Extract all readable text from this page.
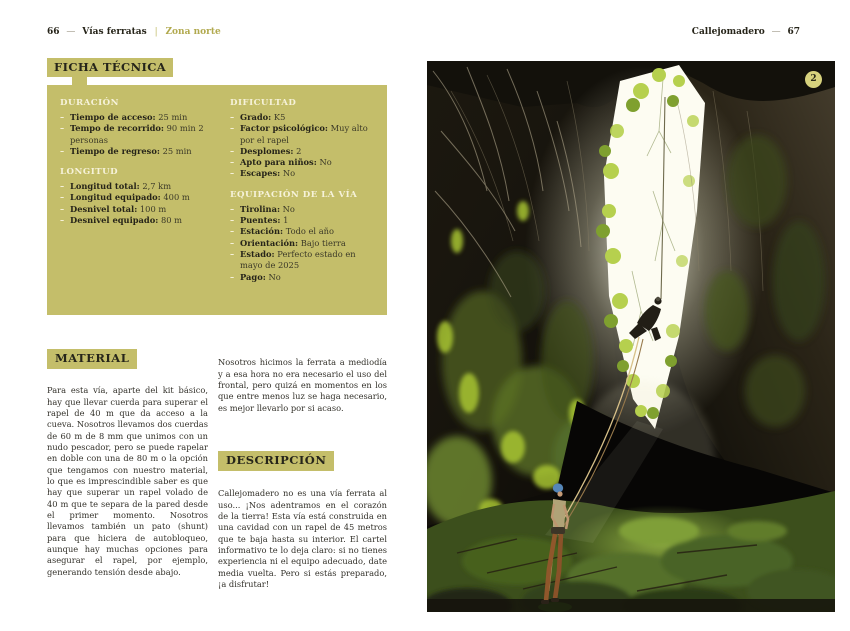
66 — Vías ferratas | Zona norte	Callejomadero — 67
FICHA TÉCNICA
DURACIÓN
– Tiempo de acceso: 25 min
– Tempo de recorrido: 90 min 2 personas
– Tiempo de regreso: 25 min
LONGITUD
– Longitud total: 2,7 km
– Longitud equipado: 400 m
– Desnivel total: 100 m
– Desnivel equipado: 80 m
DIFICULTAD
– Grado: K5
– Factor psicológico: Muy alto por el rapel
– Desplomes: 2
– Apto para niños: No
– Escapes: No
EQUIPACIÓN DE LA VÍA
– Tirolina: No
– Puentes: 1
– Estación: Todo el año
– Orientación: Bajo tierra
– Estado: Perfecto estado en mayo de 2025
– Pago: No
MATERIAL

Para esta vía, aparte del kit básico, hay que llevar cuerda para superar el rapel de 40 m que da acceso a la cueva. Nosotros llevamos dos cuerdas de 60 m de 8 mm que unimos con un nudo pescador, pero se puede rapelar en doble con una de 80 m o la opción que tengamos con nuestro material, lo que es imprescindible saber es que hay que superar un rapel volado de 40 m que te separa de la pared desde el primer momento. Nosotros llevamos también un pato (shunt) para que hiciera de autobloqueo, aunque hay muchas opciones para asegurar el rapel, por ejemplo, generando tensión desde abajo.

Nosotros hicimos la ferrata a mediodía y a esa hora no era necesario el uso del frontal, pero quizá en momentos en los que entre menos luz se haga necesario, es mejor llevarlo por si acaso.

DESCRIPCIÓN

Callejomadero no es una vía ferrata al uso... ¡Nos adentramos en el corazón de la tierra! Esta vía está construida en una cavidad con un rapel de 45 metros que te baja hasta su interior. El cartel informativo te lo deja claro: si no tienes experiencia ni el equipo adecuado, date media vuelta. Pero si estás preparado, ¡a disfrutar!

2
